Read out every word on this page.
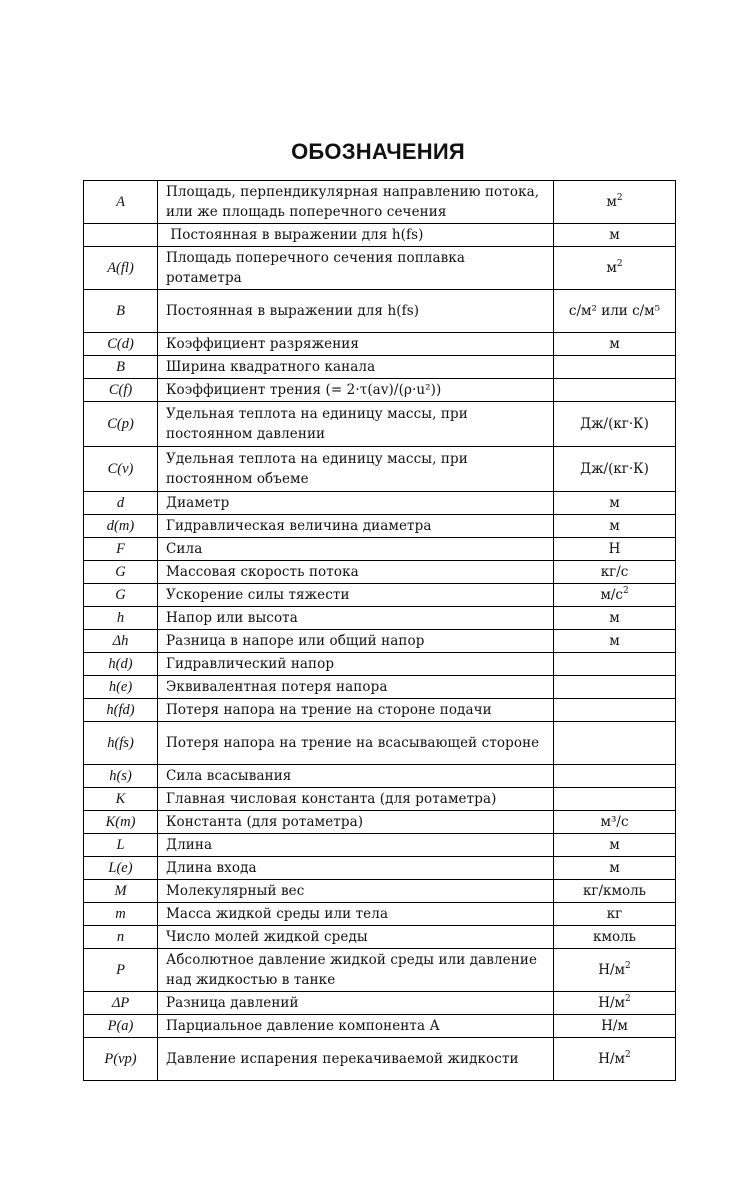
ОБОЗНАЧЕНИЯ
A	Площадь, перпендикулярная направлению потока, или же площадь поперечного сечения	$м^2$
	Постоянная в выражении для h(fs)	м
A(fl)	Площадь поперечного сечения поплавка ротаметра	$м^2$
B	Постоянная в выражении для h(fs)	с/м² или с/м⁵
C(d)	Коэффициент разряжения	м
B	Ширина квадратного канала	
C(f)	Коэффициент трения (= 2·τ(av)/(ρ·u²))	
C(p)	Удельная теплота на единицу массы, при постоянном давлении	Дж/(кг·К)
C(v)	Удельная теплота на единицу массы, при постоянном объеме	Дж/(кг·К)
d	Диаметр	м
d(m)	Гидравлическая величина диаметра	м
F	Сила	Н
G	Массовая скорость потока	кг/с
G	Ускорение силы тяжести	$м/с^2$
h	Напор или высота	м
Δh	Разница в напоре или общий напор	м
h(d)	Гидравлический напор	
h(e)	Эквивалентная потеря напора	
h(fd)	Потеря напора на трение на стороне подачи	
h(fs)	Потеря напора на трение на всасывающей стороне	
h(s)	Сила всасывания	
K	Главная числовая константа (для ротаметра)	
K(m)	Константа (для ротаметра)	м³/с
L	Длина	м
L(e)	Длина входа	м
M	Молекулярный вес	кг/кмоль
m	Масса жидкой среды или тела	кг
n	Число молей жидкой среды	кмоль
P	Абсолютное давление жидкой среды или давление над жидкостью в танке	$Н/м^2$
ΔP	Разница давлений	$Н/м^2$
P(a)	Парциальное давление компонента А	Н/м
P(vp)	Давление испарения перекачиваемой жидкости	$Н/м^2$
